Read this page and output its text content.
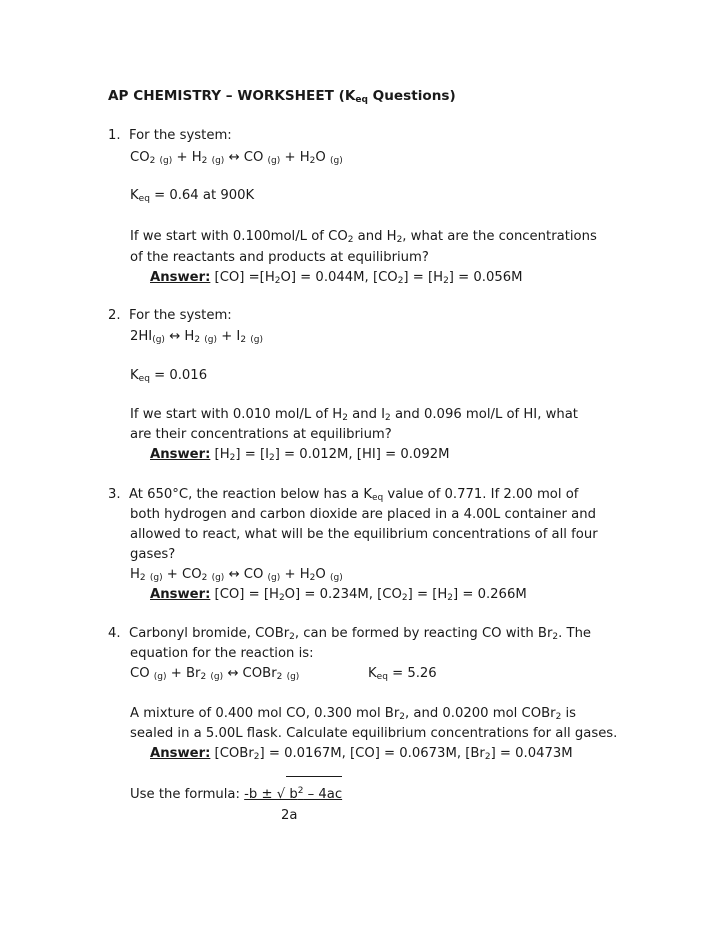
AP CHEMISTRY – WORKSHEET ($K_{eq}$ Questions)
1. For the system:
$CO_2$ $_{(g)} + H_2$ $_{(g)}$ ↔ CO $_{(g)} + H_2O$ $_{(g)}$
$K_{eq} = 0.64$ at 900K
If we start with 0.100mol/L of $CO_2$ and $H_2$, what are the concentrations
of the reactants and products at equilibrium?
Answer: $[CO] =[H_2O] = 0.044M$, $[CO_2] = [H_2] = 0.056M$
2. For the system:
$2HI_{(g)}$ ↔ $H_2$ $_{(g)} + I_2$ $_{(g)}$
$K_{eq} = 0.016$
If we start with 0.010 mol/L of $H_2$ and $I_2$ and 0.096 mol/L of HI, what
are their concentrations at equilibrium?
Answer: $[H_2] = [I_2] = 0.012M$, [HI] = 0.092M
3. At 650°C, the reaction below has a $K_{eq}$ value of 0.771. If 2.00 mol of
both hydrogen and carbon dioxide are placed in a 4.00L container and
allowed to react, what will be the equilibrium concentrations of all four
gases?
$H_2$ $_{(g)} + CO_2$ $_{(g)}$ ↔ CO $_{(g)} + H_2O$ $_{(g)}$
Answer: $[CO] = [H_2O] = 0.234M$, $[CO_2] = [H_2] = 0.266M$
4. Carbonyl bromide, COBr$_2$, can be formed by reacting CO with $Br_2$. The
equation for the reaction is:
CO $_{(g)} + Br_2$ $_{(g)}$ ↔ COBr$_2$ $_{(g)}$	$K_{eq} = 5.26$
A mixture of 0.400 mol CO, 0.300 mol $Br_2$, and 0.0200 mol COBr$_2$ is
sealed in a 5.00L flask. Calculate equilibrium concentrations for all gases.
Answer: [COBr$_2$] = 0.0167M, [CO] = 0.0673M, $[Br_2] = 0.0473M$
Use the formula: -b ± √ $b^2 - 4ac$
2a
